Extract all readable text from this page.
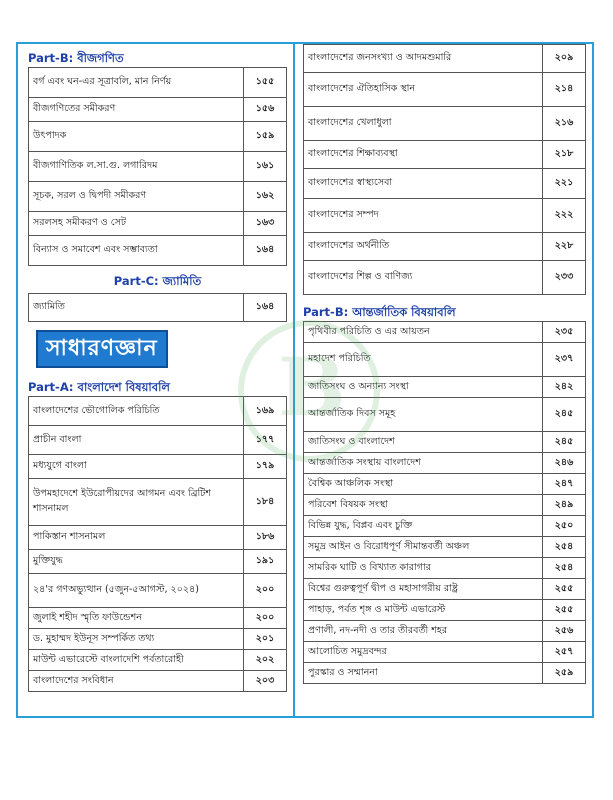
Part-B: বীজগণিত
বর্গ এবং ঘন-এর সূত্রাবলি, মান নির্ণয়	১৫৫
বীজগণিতের সমীকরণ	১৫৬
উৎপাদক	১৫৯
বীজগাণিতিক ল.সা.গু. লগারিদম	১৬১
সূচক, সরল ও দ্বিপদী সমীকরণ	১৬২
সরলসহ সমীকরণ ও সেট	১৬৩
বিন্যাস ও সমাবেশ এবং সম্ভাব্যতা	১৬৪
Part-C: জ্যামিতি
জ্যামিতি	১৬৪
সাধারণজ্ঞান
Part-A: বাংলাদেশ বিষয়াবলি
বাংলাদেশের ভৌগোলিক পরিচিতি	১৬৯
প্রাচীন বাংলা	১৭৭
মধ্যযুগে বাংলা	১৭৯
উপমহাদেশে ইউরোপীয়দের আগমন এবং ব্রিটিশ শাসনামল	১৮৪
পাকিস্তান শাসনামল	১৮৬
মুক্তিযুদ্ধ	১৯১
২৪'র গণঅভ্যুত্থান (৫জুন-৫আগস্ট, ২০২৪)	২০০
জুলাই শহীদ স্মৃতি ফাউন্ডেশন	২০০
ড. মুহাম্মদ ইউনূস সম্পর্কিত তথ্য	২০১
মাউন্ট এভারেস্টে বাংলাদেশি পর্বতারোহী	২০২
বাংলাদেশের সংবিধান	২০৩
বাংলাদেশের জনসংখ্যা ও আদমশুমারি	২০৯
বাংলাদেশের ঐতিহাসিক স্থান	২১৪
বাংলাদেশের খেলাধুলা	২১৬
বাংলাদেশের শিক্ষাব্যবস্থা	২১৮
বাংলাদেশের স্বাস্থ্যসেবা	২২১
বাংলাদেশের সম্পদ	২২২
বাংলাদেশের অর্থনীতি	২২৮
বাংলাদেশের শিল্প ও বাণিজ্য	২৩৩
Part-B: আন্তর্জাতিক বিষয়াবলি
পৃথিবীর পরিচিতি ও এর আয়তন	২৩৫
মহাদেশ পরিচিতি	২৩৭
জাতিসংঘ ও অন্যান্য সংস্থা	২৪২
আন্তর্জাতিক দিবস সমূহ	২৪৫
জাতিসংঘ ও বাংলাদেশ	২৪৫
আন্তর্জাতিক সংস্থায় বাংলাদেশ	২৪৬
বৈশ্বিক আঞ্চলিক সংস্থা	২৪৭
পরিবেশ বিষয়ক সংস্থা	২৪৯
বিভিন্ন যুদ্ধ, বিপ্লব এবং চুক্তি	২৫০
সমুদ্র আইন ও বিরোধপূর্ণ সীমান্তবর্তী অঞ্চল	২৫৪
সামরিক ঘাটি ও বিখ্যাত কারাগার	২৫৪
বিশ্বের গুরুত্বপূর্ণ দ্বীপ ও মহাসাগরীয় রাষ্ট্র	২৫৫
পাহাড়, পর্বত শৃঙ্গ ও মাউন্ট এভারেস্ট	২৫৫
প্রণালী, নদ-নদী ও তার তীরবর্তী শহর	২৫৬
আলোচিত সমুদ্রবন্দর	২৫৭
পুরস্কার ও সম্মাননা	২৫৯
B
